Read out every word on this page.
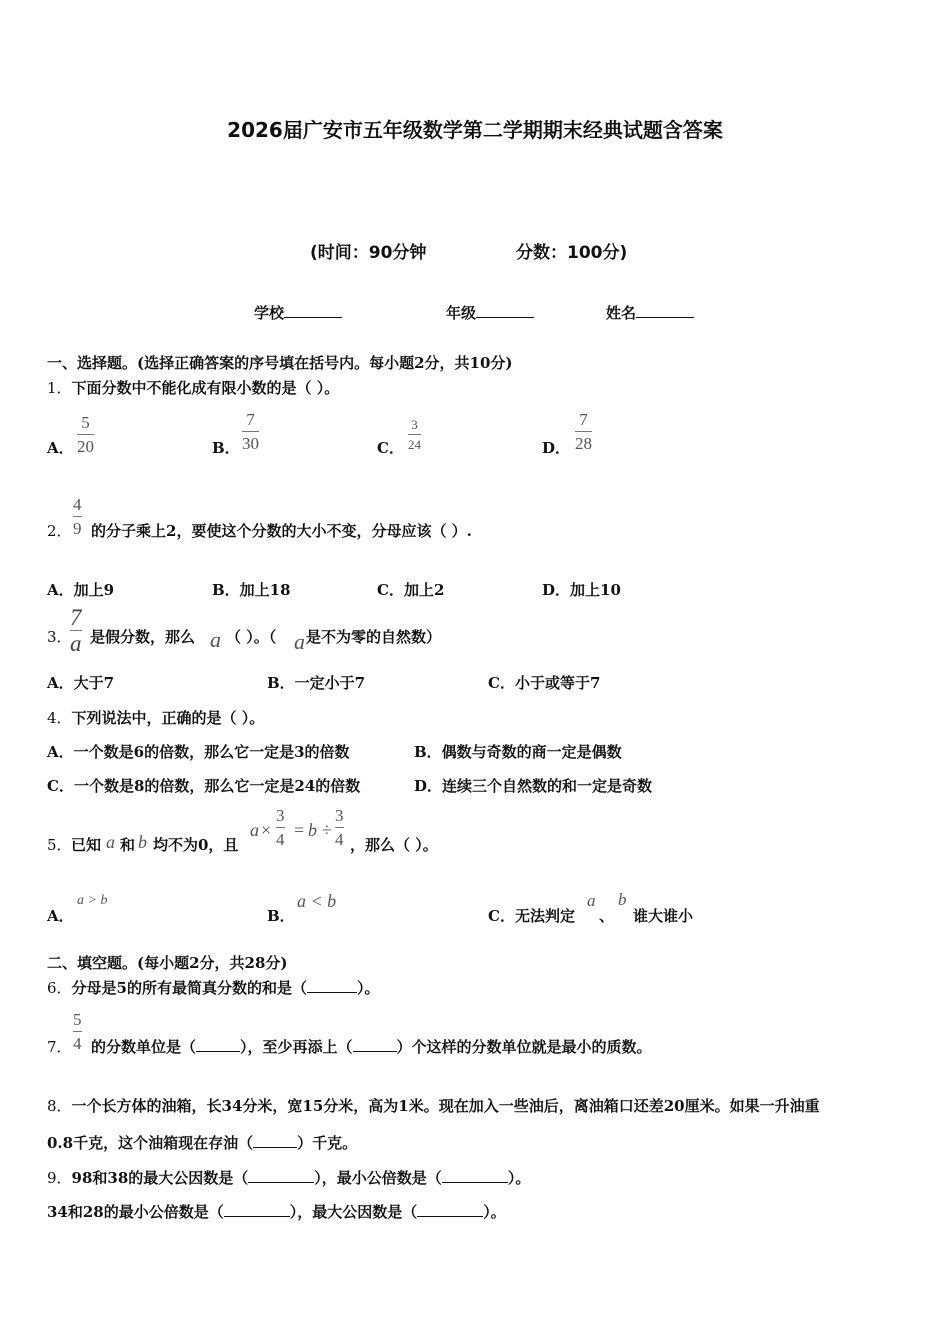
2026届广安市五年级数学第二学期期末经典试题含答案
(时间：90分钟	分数：100分)
学校	年级	姓名
一、选择题。(选择正确答案的序号填在括号内。每小题2分，共10分)
1．下面分数中不能化成有限小数的是（ ）。
A．
5
20	B．
7
30	C．
3
24	D．
7
28
2．
4
9 的分子乘上2，要使这个分数的大小不变，分母应该（ ）.
A．加上9	B．加上18	C．加上2	D．加上10
3．
7
a 是假分数，那么 a （ ）。（ a 是不为零的自然数）
A．大于7	B．一定小于7	C．小于或等于7
4．下列说法中，正确的是（ ）。
A．一个数是6的倍数，那么它一定是3的倍数	B．偶数与奇数的商一定是偶数
C．一个数是8的倍数，那么它一定是24的倍数	D．连续三个自然数的和一定是奇数
5． 已知 a 和 b 均不为0，且
a ×
3
4 = b ÷
3
4 ，那么（ ）。
A．
a > b
B．
a < b
C．无法判定
a
、
b
谁大谁小
二、填空题。(每小题2分，共28分)
6．分母是5的所有最简真分数的和是（	）。
7．
5
4 的分数单位是（	），至少再添上（	）个这样的分数单位就是最小的质数。
8．一个长方体的油箱，长34分米，宽15分米，高为1米。现在加入一些油后，离油箱口还差20厘米。如果一升油重
0.8千克，这个油箱现在存油（	）千克。
9．98和38的最大公因数是（	），最小公倍数是（	）。
34和28的最小公倍数是（	），最大公因数是（	）。
